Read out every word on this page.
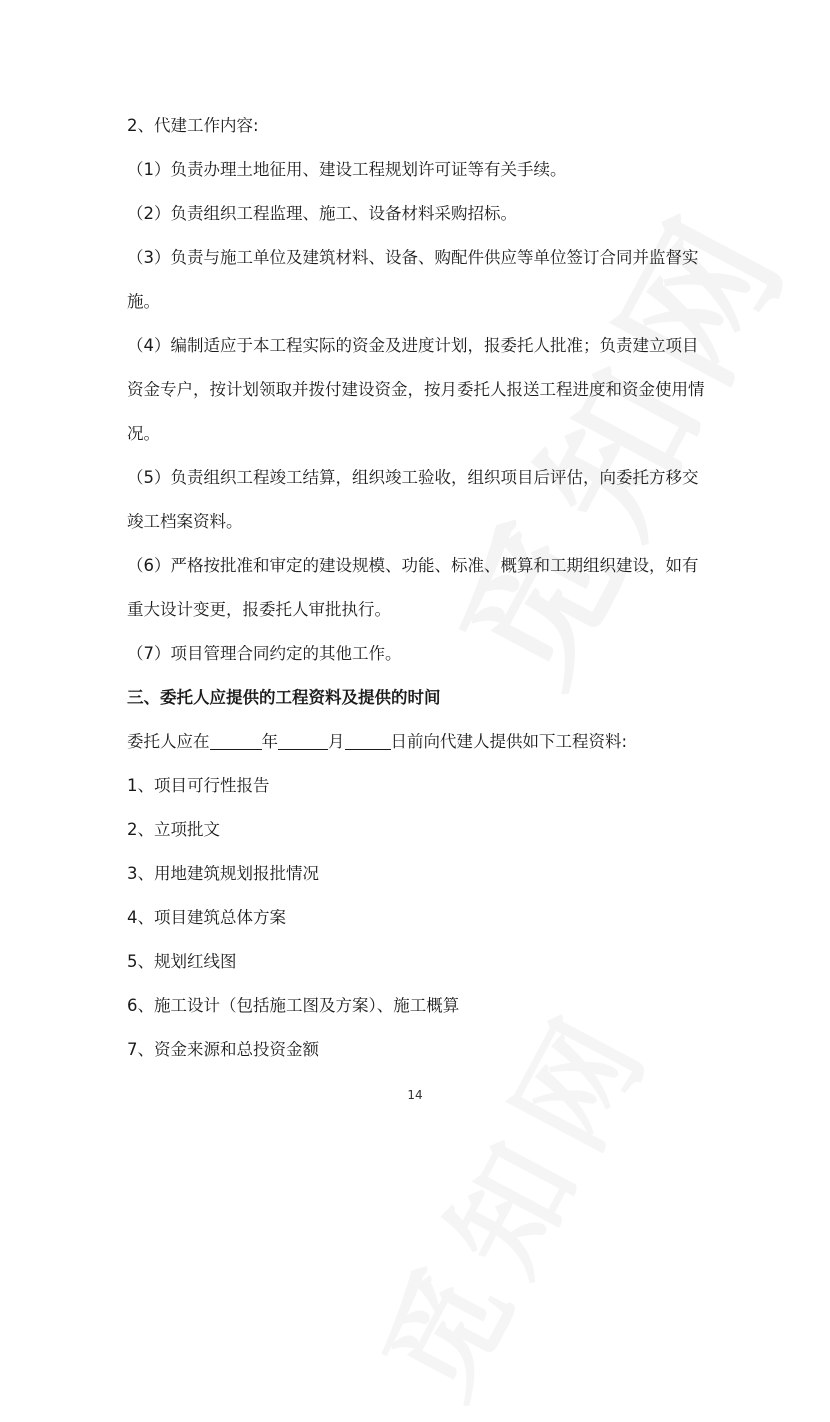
2、代建工作内容:
（1）负责办理土地征用、建设工程规划许可证等有关手续。
（2）负责组织工程监理、施工、设备材料采购招标。
（3）负责与施工单位及建筑材料、设备、购配件供应等单位签订合同并监督实
施。
（4）编制适应于本工程实际的资金及进度计划，报委托人批准；负责建立项目
资金专户，按计划领取并拨付建设资金，按月委托人报送工程进度和资金使用情
况。
（5）负责组织工程竣工结算，组织竣工验收，组织项目后评估，向委托方移交
竣工档案资料。
（6）严格按批准和审定的建设规模、功能、标准、概算和工期组织建设，如有
重大设计变更，报委托人审批执行。
（7）项目管理合同约定的其他工作。
三、委托人应提供的工程资料及提供的时间
委托人应在	年	月	日前向代建人提供如下工程资料:
1、项目可行性报告
2、立项批文
3、用地建筑规划报批情况
4、项目建筑总体方案
5、规划红线图
6、施工设计（包括施工图及方案）、施工概算
7、资金来源和总投资金额
14
